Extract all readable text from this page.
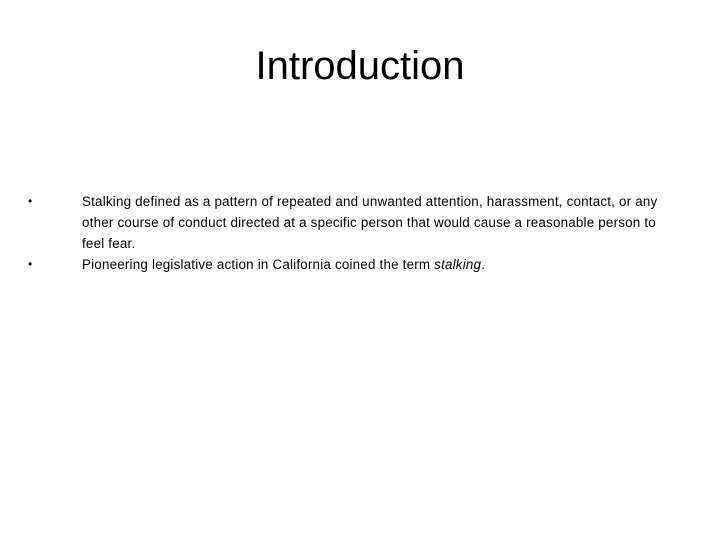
Introduction
•	Stalking defined as a pattern of repeated and unwanted attention, harassment, contact, or any other course of conduct directed at a specific person that would cause a reasonable person to feel fear.
•	Pioneering legislative action in California coined the term stalking.
